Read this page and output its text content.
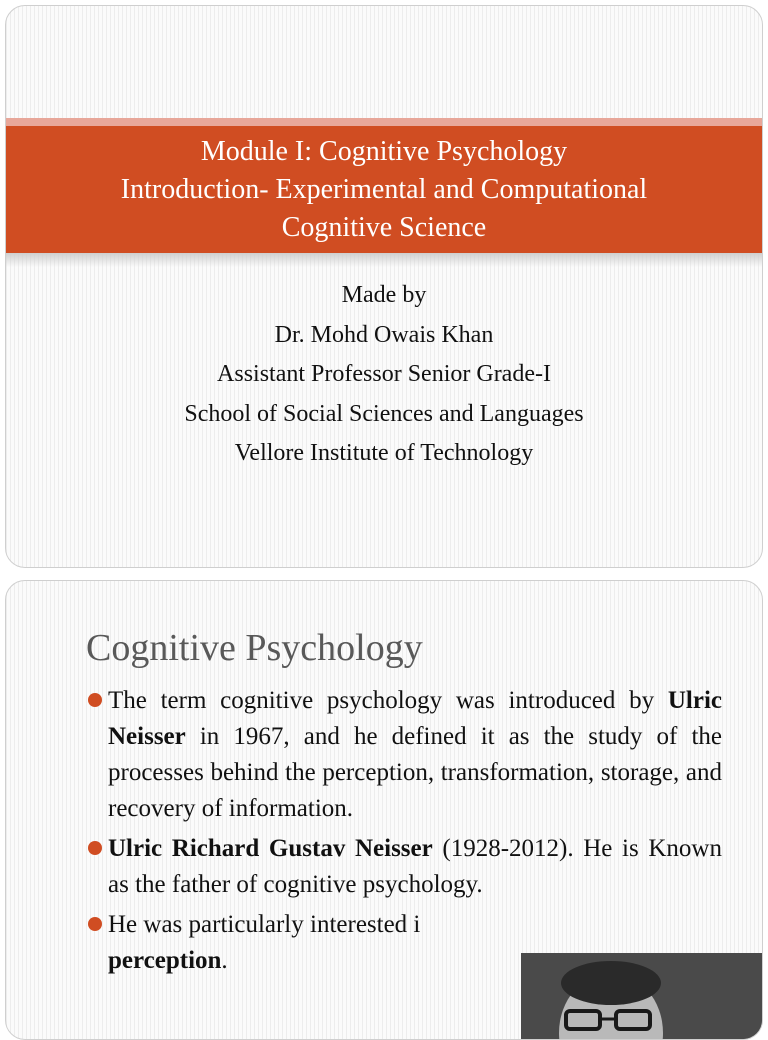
Module I: Cognitive Psychology
Introduction- Experimental and Computational
Cognitive Science
Made by
Dr. Mohd Owais Khan
Assistant Professor Senior Grade-I
School of Social Sciences and Languages
Vellore Institute of Technology
Cognitive Psychology
The term cognitive psychology was introduced by Ulric Neisser in 1967, and he defined it as the study of the processes behind the perception, transformation, storage, and recovery of information.
Ulric Richard Gustav Neisser (1928-2012). He is Known as the father of cognitive psychology.
He was particularly interested i
perception.
